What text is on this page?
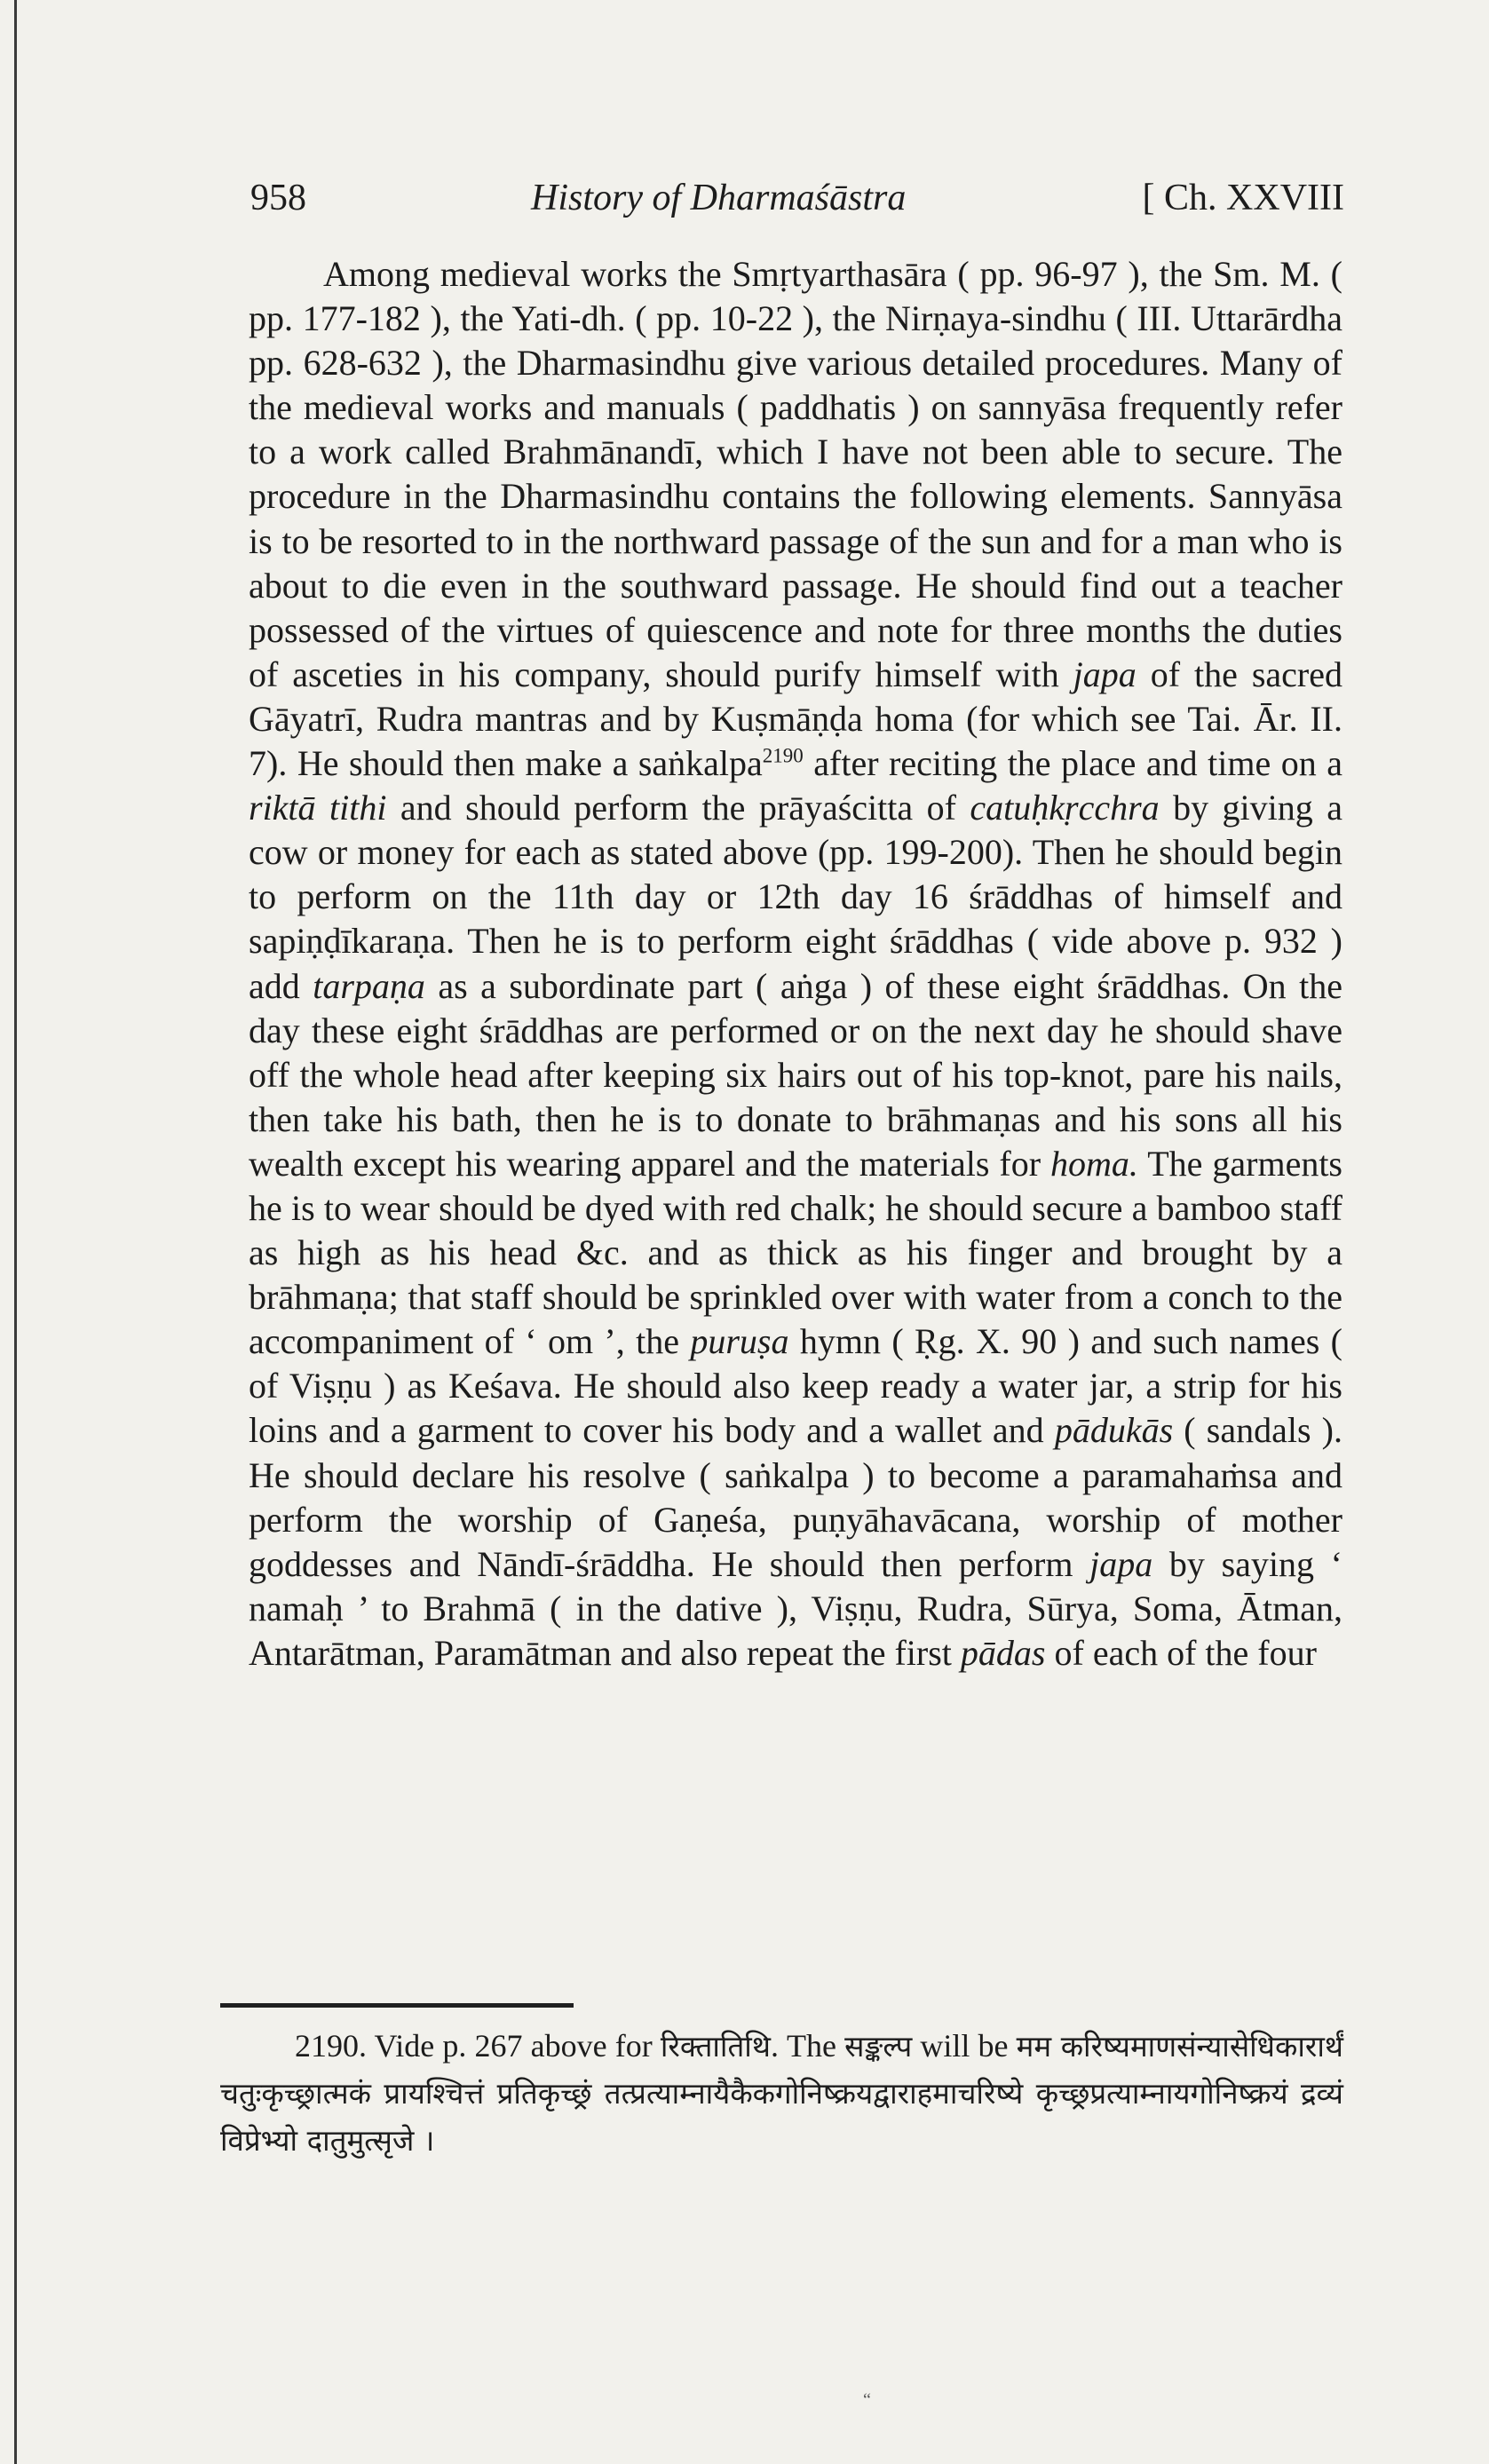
958	History of Dharmaśāstra	[ Ch. XXVIII

Among medieval works the Smṛtyarthasāra ( pp. 96-97 ), the Sm. M. ( pp. 177-182 ), the Yati-dh. ( pp. 10-22 ), the Nirṇaya-sindhu ( III. Uttarārdha pp. 628-632 ), the Dharmasindhu give various detailed procedures. Many of the medieval works and manuals ( paddhatis ) on sannyāsa frequently refer to a work called Brahmānandī, which I have not been able to secure. The procedure in the Dharmasindhu contains the following elements. Sannyāsa is to be resorted to in the northward passage of the sun and for a man who is about to die even in the southward passage. He should find out a teacher possessed of the virtues of quiescence and note for three months the duties of asceties in his company, should purify himself with japa of the sacred Gāyatrī, Rudra mantras and by Kuṣmāṇḍa homa (for which see Tai. Ār. II. 7). He should then make a saṅkalpa$^{2190}$ after reciting the place and time on a riktā tithi and should perform the prāyaścitta of catuḥkṛcchra by giving a cow or money for each as stated above (pp. 199-200). Then he should begin to perform on the 11th day or 12th day 16 śrāddhas of himself and sapiṇḍīkaraṇa. Then he is to perform eight śrāddhas ( vide above p. 932 ) add tarpaṇa as a subordinate part ( aṅga ) of these eight śrāddhas. On the day these eight śrāddhas are performed or on the next day he should shave off the whole head after keeping six hairs out of his top-knot, pare his nails, then take his bath, then he is to donate to brāhmaṇas and his sons all his wealth except his wearing apparel and the materials for homa. The garments he is to wear should be dyed with red chalk; he should secure a bamboo staff as high as his head &c. and as thick as his finger and brought by a brāhmaṇa; that staff should be sprinkled over with water from a conch to the accompaniment of ‘ om ’, the puruṣa hymn ( Ṛg. X. 90 ) and such names ( of Viṣṇu ) as Keśava. He should also keep ready a water jar, a strip for his loins and a garment to cover his body and a wallet and pādukās ( sandals ). He should declare his resolve ( saṅkalpa ) to become a paramahaṁsa and perform the worship of Gaṇeśa, puṇyāhavācana, worship of mother goddesses and Nāndī-śrāddha. He should then perform japa by saying ‘ namaḥ ’ to Brahmā ( in the dative ), Viṣṇu, Rudra, Sūrya, Soma, Ātman, Antarātman, Paramātman and also repeat the first pādas of each of the four

2190. Vide p. 267 above for रिक्तातिथि. The सङ्कल्प will be मम करिष्यमाणसंन्यासेधिकारार्थं चतुःकृच्छ्रात्मकं प्रायश्चित्तं प्रतिकृच्छ्रं तत्प्रत्याम्नायैकैकगोनिष्क्रयद्वाराहमाचरिष्ये कृच्छ्रप्रत्याम्नायगोनिष्क्रयं द्रव्यं विप्रेभ्यो दातुमुत्सृजे ।

“
